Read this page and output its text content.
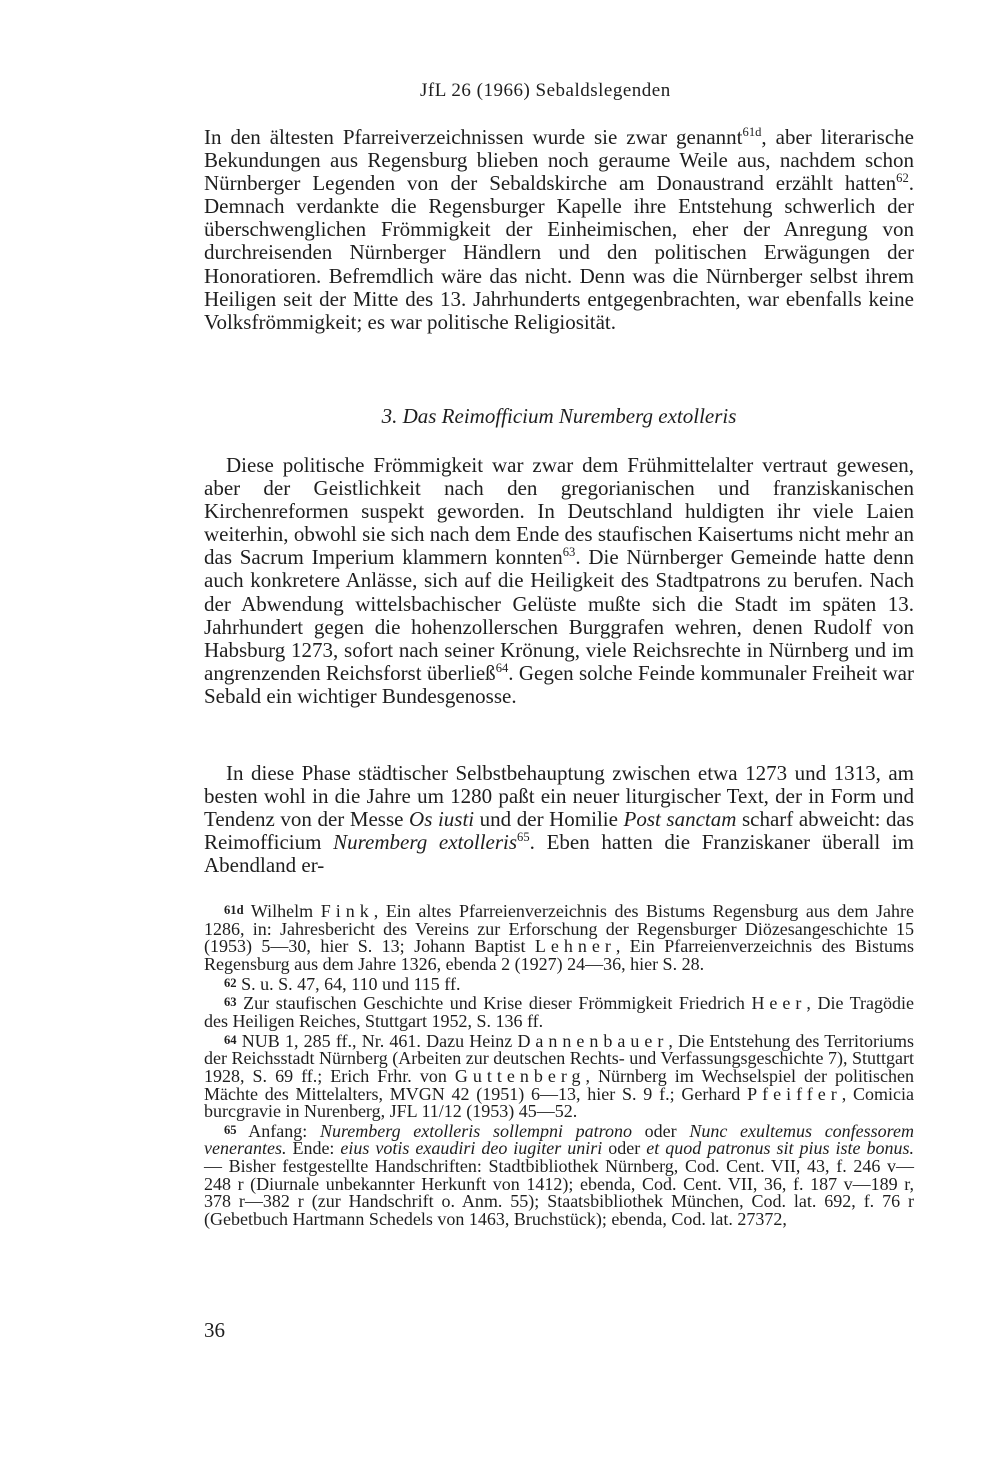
JfL 26 (1966) Sebaldslegenden
In den ältesten Pfarreiverzeichnissen wurde sie zwar genannt$^{61d}$, aber literarische Bekundungen aus Regensburg blieben noch geraume Weile aus, nachdem schon Nürnberger Legenden von der Sebaldskirche am Donaustrand erzählt hatten$^{62}$. Demnach verdankte die Regensburger Kapelle ihre Entstehung schwerlich der überschwenglichen Frömmigkeit der Einheimischen, eher der Anregung von durchreisenden Nürnberger Händlern und den politischen Erwägungen der Honoratioren. Befremdlich wäre das nicht. Denn was die Nürnberger selbst ihrem Heiligen seit der Mitte des 13. Jahrhunderts entgegenbrachten, war ebenfalls keine Volksfrömmigkeit; es war politische Religiosität.
3. Das Reimofficium Nuremberg extolleris
Diese politische Frömmigkeit war zwar dem Frühmittelalter vertraut gewesen, aber der Geistlichkeit nach den gregorianischen und franziskanischen Kirchenreformen suspekt geworden. In Deutschland huldigten ihr viele Laien weiterhin, obwohl sie sich nach dem Ende des staufischen Kaisertums nicht mehr an das Sacrum Imperium klammern konnten$^{63}$. Die Nürnberger Gemeinde hatte denn auch konkretere Anlässe, sich auf die Heiligkeit des Stadtpatrons zu berufen. Nach der Abwendung wittelsbachischer Gelüste mußte sich die Stadt im späten 13. Jahrhundert gegen die hohenzollerschen Burggrafen wehren, denen Rudolf von Habsburg 1273, sofort nach seiner Krönung, viele Reichsrechte in Nürnberg und im angrenzenden Reichsforst überließ$^{64}$. Gegen solche Feinde kommunaler Freiheit war Sebald ein wichtiger Bundesgenosse.
In diese Phase städtischer Selbstbehauptung zwischen etwa 1273 und 1313, am besten wohl in die Jahre um 1280 paßt ein neuer liturgischer Text, der in Form und Tendenz von der Messe Os iusti und der Homilie Post sanctam scharf abweicht: das Reimofficium Nuremberg extolleris$^{65}$. Eben hatten die Franziskaner überall im Abendland er-

61d Wilhelm Fink, Ein altes Pfarreienverzeichnis des Bistums Regensburg aus dem Jahre 1286, in: Jahresbericht des Vereins zur Erforschung der Regensburger Diözesangeschichte 15 (1953) 5—30, hier S. 13; Johann Baptist Lehner, Ein Pfarreienverzeichnis des Bistums Regensburg aus dem Jahre 1326, ebenda 2 (1927) 24—36, hier S. 28.

62 S. u. S. 47, 64, 110 und 115 ff.

63 Zur staufischen Geschichte und Krise dieser Frömmigkeit Friedrich Heer, Die Tragödie des Heiligen Reiches, Stuttgart 1952, S. 136 ff.

64 NUB 1, 285 ff., Nr. 461. Dazu Heinz Dannenbauer, Die Entstehung des Territoriums der Reichsstadt Nürnberg (Arbeiten zur deutschen Rechts- und Verfassungsgeschichte 7), Stuttgart 1928, S. 69 ff.; Erich Frhr. von Guttenberg, Nürnberg im Wechselspiel der politischen Mächte des Mittelalters, MVGN 42 (1951) 6—13, hier S. 9 f.; Gerhard Pfeiffer, Comicia burcgravie in Nurenberg, JFL 11/12 (1953) 45—52.

65 Anfang: Nuremberg extolleris sollempni patrono oder Nunc exultemus confessorem venerantes. Ende: eius votis exaudiri deo iugiter uniri oder et quod patronus sit pius iste bonus. — Bisher festgestellte Handschriften: Stadtbibliothek Nürnberg, Cod. Cent. VII, 43, f. 246 v—248 r (Diurnale unbekannter Herkunft von 1412); ebenda, Cod. Cent. VII, 36, f. 187 v—189 r, 378 r—382 r (zur Handschrift o. Anm. 55); Staatsbibliothek München, Cod. lat. 692, f. 76 r (Gebetbuch Hartmann Schedels von 1463, Bruchstück); ebenda, Cod. lat. 27372,

36
